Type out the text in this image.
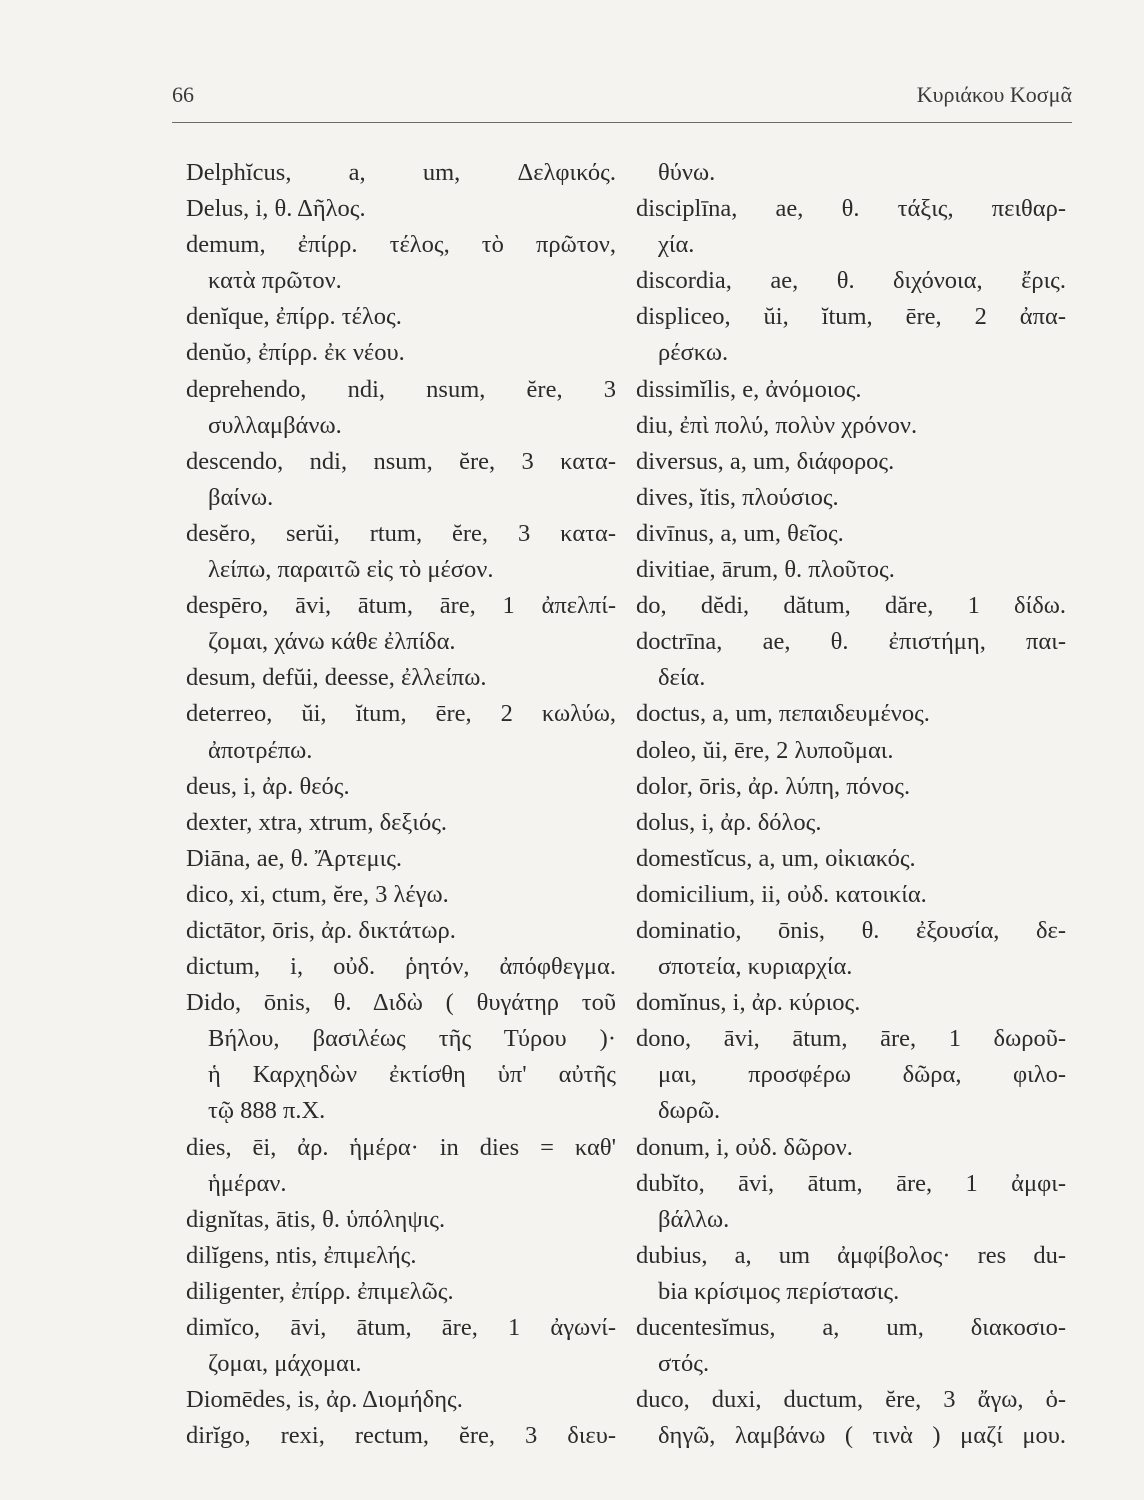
66	Κυριάκου Κοσμᾶ
Delphĭcus, a, um, Δελφικός.
Delus, i, θ. Δῆλος.
demum, ἐπίρρ. τέλος, τὸ πρῶτον,
κατὰ πρῶτον.
denĭque, ἐπίρρ. τέλος.
denŭo, ἐπίρρ. ἐκ νέου.
deprehendo, ndi, nsum, ĕre, 3
συλλαμβάνω.
descendo, ndi, nsum, ĕre, 3 κατα-
βαίνω.
desĕro, serŭi, rtum, ĕre, 3 κατα-
λείπω, παραιτῶ εἰς τὸ μέσον.
despēro, āvi, ātum, āre, 1 ἀπελπί-
ζομαι, χάνω κάθε ἐλπίδα.
desum, defŭi, deesse, ἐλλείπω.
deterreo, ŭi, ĭtum, ēre, 2 κωλύω,
ἀποτρέπω.
deus, i, ἀρ. θεός.
dexter, xtra, xtrum, δεξιός.
Diāna, ae, θ. Ἄρτεμις.
dico, xi, ctum, ĕre, 3 λέγω.
dictātor, ōris, ἀρ. δικτάτωρ.
dictum, i, οὐδ. ῥητόν, ἀπόφθεγμα.
Dido, ōnis, θ. Διδὼ ( θυγάτηρ τοῦ
Βήλου, βασιλέως τῆς Τύρου )·
ἡ Καρχηδὼν ἐκτίσθη ὑπ' αὐτῆς
τῷ 888 π.Χ.
dies, ēi, ἀρ. ἡμέρα· in dies = καθ'
ἡμέραν.
dignĭtas, ātis, θ. ὑπόληψις.
dilĭgens, ntis, ἐπιμελής.
diligenter, ἐπίρρ. ἐπιμελῶς.
dimĭco, āvi, ātum, āre, 1 ἀγωνί-
ζομαι, μάχομαι.
Diomēdes, is, ἀρ. Διομήδης.
dirĭgo, rexi, rectum, ĕre, 3 διευ-
θύνω.
disciplīna, ae, θ. τάξις, πειθαρ-
χία.
discordia, ae, θ. διχόνοια, ἔρις.
displiceo, ŭi, ĭtum, ēre, 2 ἀπα-
ρέσκω.
dissimĭlis, e, ἀνόμοιος.
diu, ἐπὶ πολύ, πολὺν χρόνον.
diversus, a, um, διάφορος.
dives, ĭtis, πλούσιος.
divīnus, a, um, θεῖος.
divitiae, ārum, θ. πλοῦτος.
do, dĕdi, dătum, dăre, 1 δίδω.
doctrīna, ae, θ. ἐπιστήμη, παι-
δεία.
doctus, a, um, πεπαιδευμένος.
doleo, ŭi, ēre, 2 λυποῦμαι.
dolor, ōris, ἀρ. λύπη, πόνος.
dolus, i, ἀρ. δόλος.
domestĭcus, a, um, οἰκιακός.
domicilium, ii, οὐδ. κατοικία.
dominatio, ōnis, θ. ἐξουσία, δε-
σποτεία, κυριαρχία.
domĭnus, i, ἀρ. κύριος.
dono, āvi, ātum, āre, 1 δωροῦ-
μαι, προσφέρω δῶρα, φιλο-
δωρῶ.
donum, i, οὐδ. δῶρον.
dubĭto, āvi, ātum, āre, 1 ἀμφι-
βάλλω.
dubius, a, um ἀμφίβολος· res du-
bia κρίσιμος περίστασις.
ducentesĭmus, a, um, διακοσιο-
στός.
duco, duxi, ductum, ĕre, 3 ἄγω, ὁ-
δηγῶ, λαμβάνω ( τινὰ ) μαζί μου.
